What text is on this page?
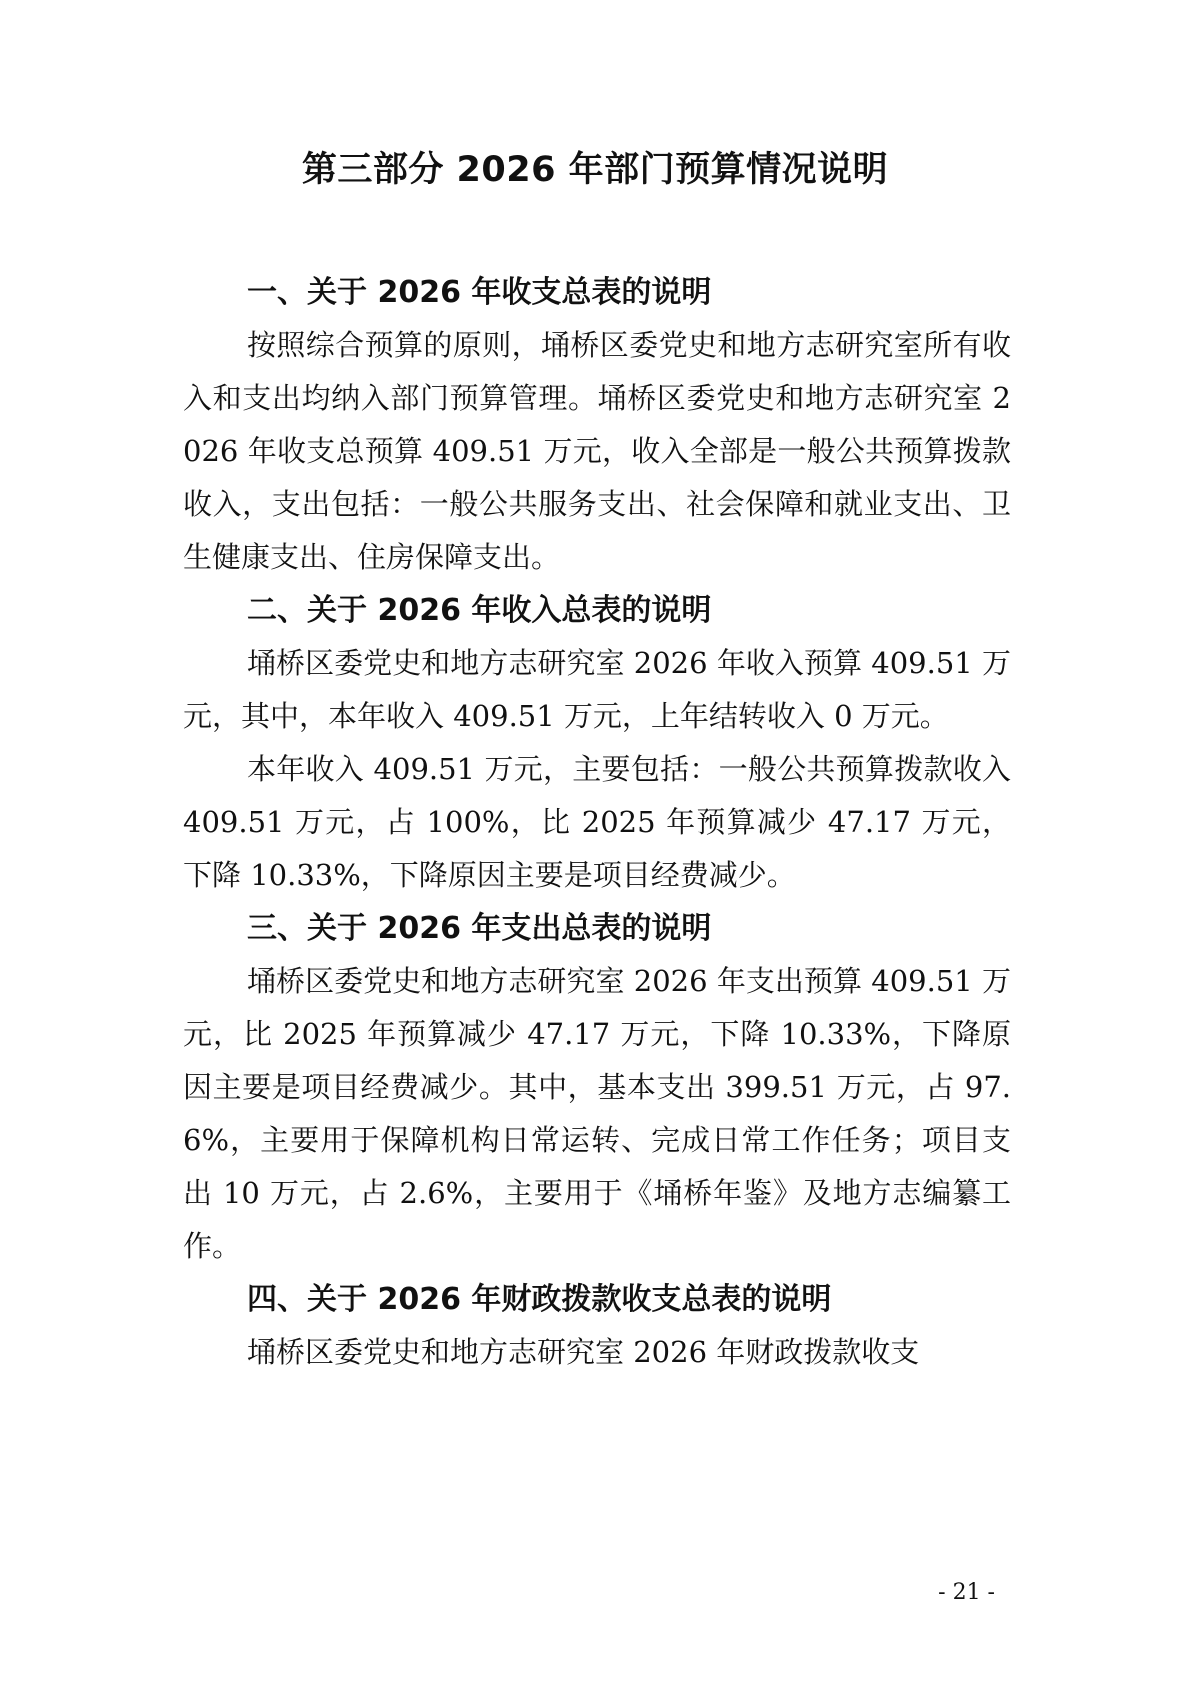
第三部分 2026 年部门预算情况说明
一、关于 2026 年收支总表的说明

按照综合预算的原则，埇桥区委党史和地方志研究室所有收入和支出均纳入部门预算管理。埇桥区委党史和地方志研究室 2026 年收支总预算 409.51 万元，收入全部是一般公共预算拨款收入，支出包括：一般公共服务支出、社会保障和就业支出、卫生健康支出、住房保障支出。

二、关于 2026 年收入总表的说明

埇桥区委党史和地方志研究室 2026 年收入预算 409.51 万元，其中，本年收入 409.51 万元，上年结转收入 0 万元。

本年收入 409.51 万元，主要包括：一般公共预算拨款收入 409.51 万元，占 100%，比 2025 年预算减少 47.17 万元，下降 10.33%，下降原因主要是项目经费减少。

三、关于 2026 年支出总表的说明

埇桥区委党史和地方志研究室 2026 年支出预算 409.51 万元，比 2025 年预算减少 47.17 万元，下降 10.33%，下降原因主要是项目经费减少。其中，基本支出 399.51 万元，占 97.6%，主要用于保障机构日常运转、完成日常工作任务；项目支出 10 万元，占 2.6%，主要用于《埇桥年鉴》及地方志编纂工作。

四、关于 2026 年财政拨款收支总表的说明

埇桥区委党史和地方志研究室 2026 年财政拨款收支

- 21 -
